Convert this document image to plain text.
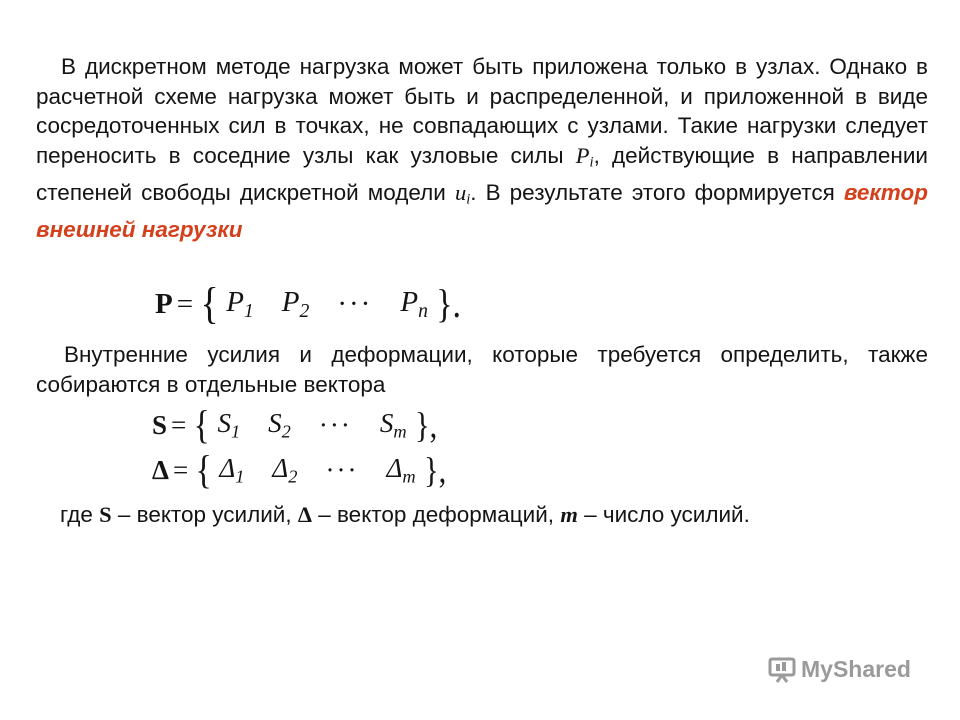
В дискретном методе нагрузка может быть приложена только в узлах. Однако в расчетной схеме нагрузка может быть и распределенной, и приложенной в виде сосредоточенных сил в точках, не совпадающих с узлами. Такие нагрузки следует переносить в соседние узлы как узловые силы $P_i$, действующие в направлении степеней свободы дискретной модели $u_i$. В результате этого формируется вектор внешней нагрузки

P = { $P_1$ $P_2$ ··· $P_n$ }.

Внутренние усилия и деформации, которые требуется определить, также собираются в отдельные вектора

S = { $S_1$ $S_2$ ··· $S_m$ },
Δ = { $\Delta_1$ $\Delta_2$ ··· $\Delta_m$ },

где S – вектор усилий, Δ – вектор деформаций, m – число усилий.

MyShared
